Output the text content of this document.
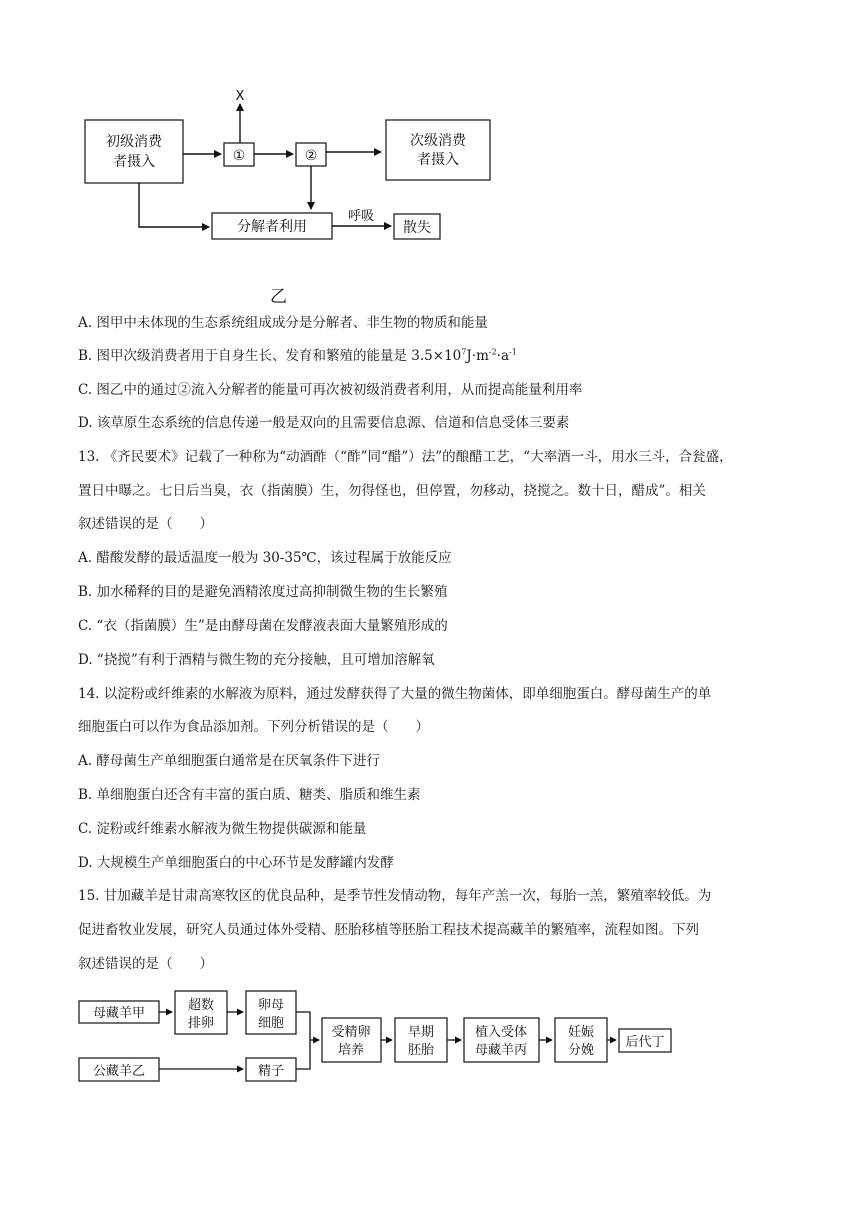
X
初级消费
者摄入	①	②
次级消费
者摄入
分解者利用
呼吸
散失
乙
A. 图甲中未体现的生态系统组成成分是分解者、非生物的物质和能量
B. 图甲次级消费者用于自身生长、发育和繁殖的能量是 $3.5\times 10^7J\cdot m^{-2}\cdot a^{-1}$
C. 图乙中的通过②流入分解者的能量可再次被初级消费者利用，从而提高能量利用率
D. 该草原生态系统的信息传递一般是双向的且需要信息源、信道和信息受体三要素
13. 《齐民要术》记载了一种称为“动酒酢（“酢”同“醋”）法”的酿醋工艺，“大率酒一斗，用水三斗，合瓮盛，
置日中曝之。七日后当臭，衣（指菌膜）生，勿得怪也，但停置，勿移动，挠搅之。数十日，醋成”。相关
叙述错误的是（　　）
A. 醋酸发酵的最适温度一般为 30-35℃，该过程属于放能反应
B. 加水稀释的目的是避免酒精浓度过高抑制微生物的生长繁殖
C. “衣（指菌膜）生”是由酵母菌在发酵液表面大量繁殖形成的
D. “挠搅”有利于酒精与微生物的充分接触，且可增加溶解氧
14. 以淀粉或纤维素的水解液为原料，通过发酵获得了大量的微生物菌体，即单细胞蛋白。酵母菌生产的单
细胞蛋白可以作为食品添加剂。下列分析错误的是（　　）
A. 酵母菌生产单细胞蛋白通常是在厌氧条件下进行
B. 单细胞蛋白还含有丰富的蛋白质、糖类、脂质和维生素
C. 淀粉或纤维素水解液为微生物提供碳源和能量
D. 大规模生产单细胞蛋白的中心环节是发酵罐内发酵
15. 甘加藏羊是甘肃高寒牧区的优良品种，是季节性发情动物，每年产羔一次，每胎一羔，繁殖率较低。为
促进畜牧业发展，研究人员通过体外受精、胚胎移植等胚胎工程技术提高藏羊的繁殖率，流程如图。下列
叙述错误的是（　　）
母藏羊甲
超数
排卵
卵母
细胞
公藏羊乙	精子
受精卵
培养
早期
胚胎
植入受体
母藏羊丙
妊娠
分娩
后代丁
